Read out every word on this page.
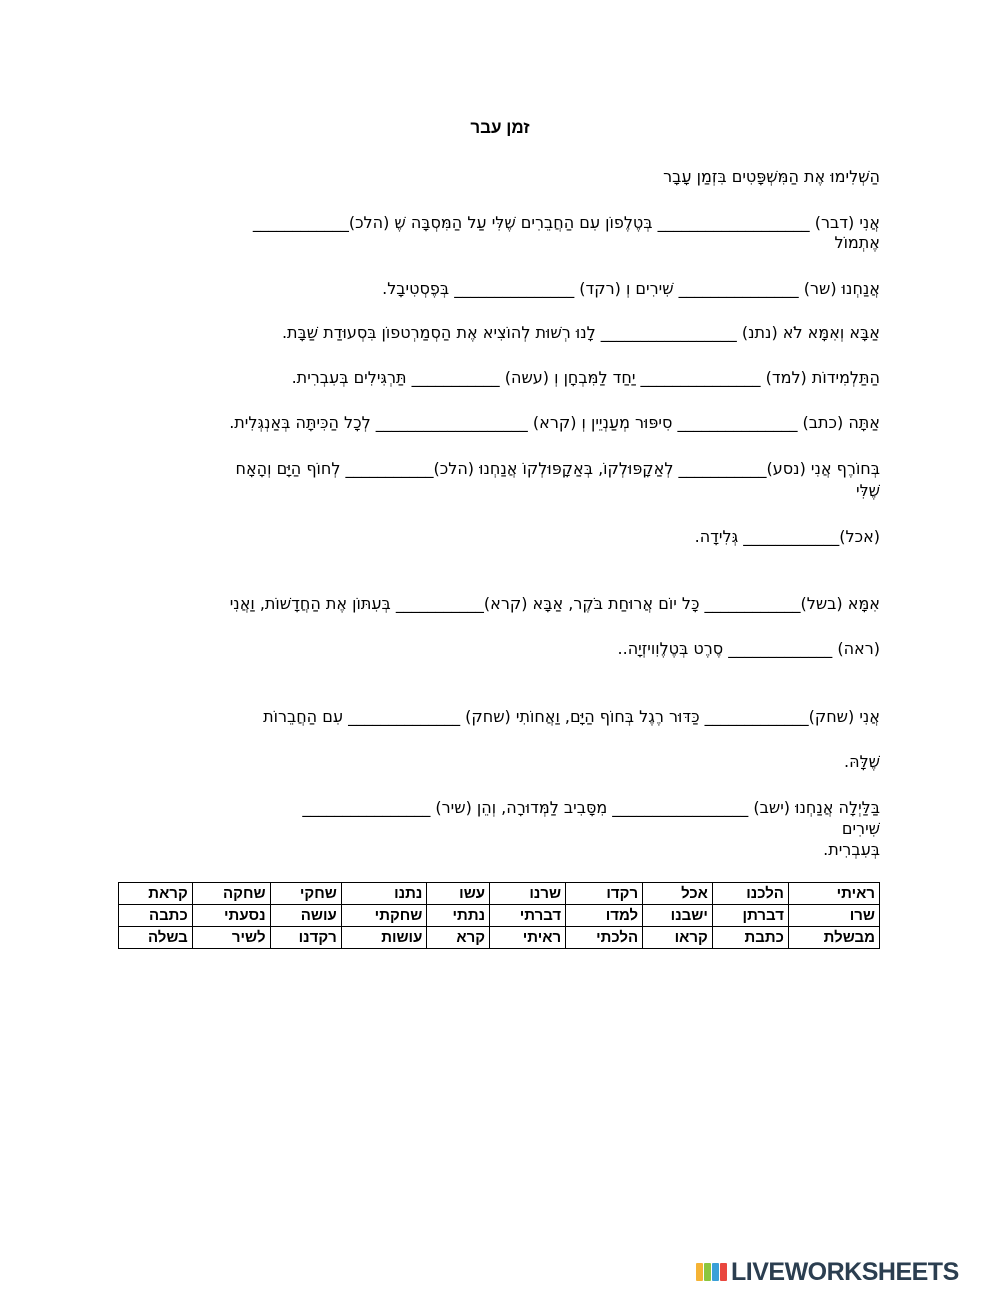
זמן עבר
הַשְׁלִימוּ אֶת הַמִּשְׁפָּטִים בִּזְמַן עָבָר
אֲנִי (דבר) ___________________ בְּטֶלֶפוֹן עִם הַחֲבֵרִים שֶׁלִּי עַל הַמִּסְבָּה שֶׁ (הלכ)____________
אֶתְמוֹל
אֲנַחְנוּ (שר) _______________ שִׁירִים וְ (רקד) _______________ בְּפֶסְטִיבָל.
אַבָּא וְאִמָּא לֹא (נתנ) _________________ לָנוּ רְשׁוּת לְהוֹצִיא אֶת הַסְמַרְטפוֹן בִּסְעוּדַת שַׁבָּת.
הַתַּלְמִידוֹת (למד) _______________ יַחַד לַמִּבְחָן וְ (עשה) ___________ תַּרְגִּילִים בְּעִבְרִית.
אַתָּה (כתב) _______________ סִיפּוּר מְעַנְיֵין וְ (קרא) ___________________ לְכָל הַכִּיתָּה בְּאַנְגְּלִית.
בְּחוֹרֶף אֲנִי (נסע)___________ לְאַקָפּוּלְקוֹ, בְּאַקָפּוּלְקוֹ אֲנַחְנוּ (הלכ)___________ לְחוֹף הַיָּם וְהָאָח
שֶׁלִּי
(אכל)____________ גְּלִידָה.
אִמָּא (בשל)____________ כָּל יוֹם אֲרוּחַת בֹּקֶר, אַבָּא (קרא)___________ בְּעִתּוֹן אֶת הַחֲדָשׁוֹת, וַאֲנִי
(ראה) _____________ סֶרֶט בְּטֶלֶוִויזְיָה..
אֲנִי (שחק)_____________ כַּדּוּר רֶגֶל בְּחוֹף הַיָּם, וַאֲחוֹתִי (שחק) ______________ עִם הַחֲבֵרוֹת
שֶׁלָּהּ.
בַּלַּיְלָה אֲנַחְנוּ (ישב) _________________ מִסָּבִיב לַמְּדוּרָה, וְהֵן (שיר) ________________
שִׁירִים
בְּעִבְרִית.
ראיתי	הלכנו	אכל	רקדו	שרנו	עשו	נתנו	שחקי	שחקה	קראת
שרו	דברתן	ישבנו	למדו	דברתי	נתתי	שחקתי	עושה	נסעתי	כתבה
מבשלת	כתבת	קראו	הלכתי	ראיתי	קרא	עושות	רקדנו	לשיר	בשלה
LIVEWORKSHEETS
